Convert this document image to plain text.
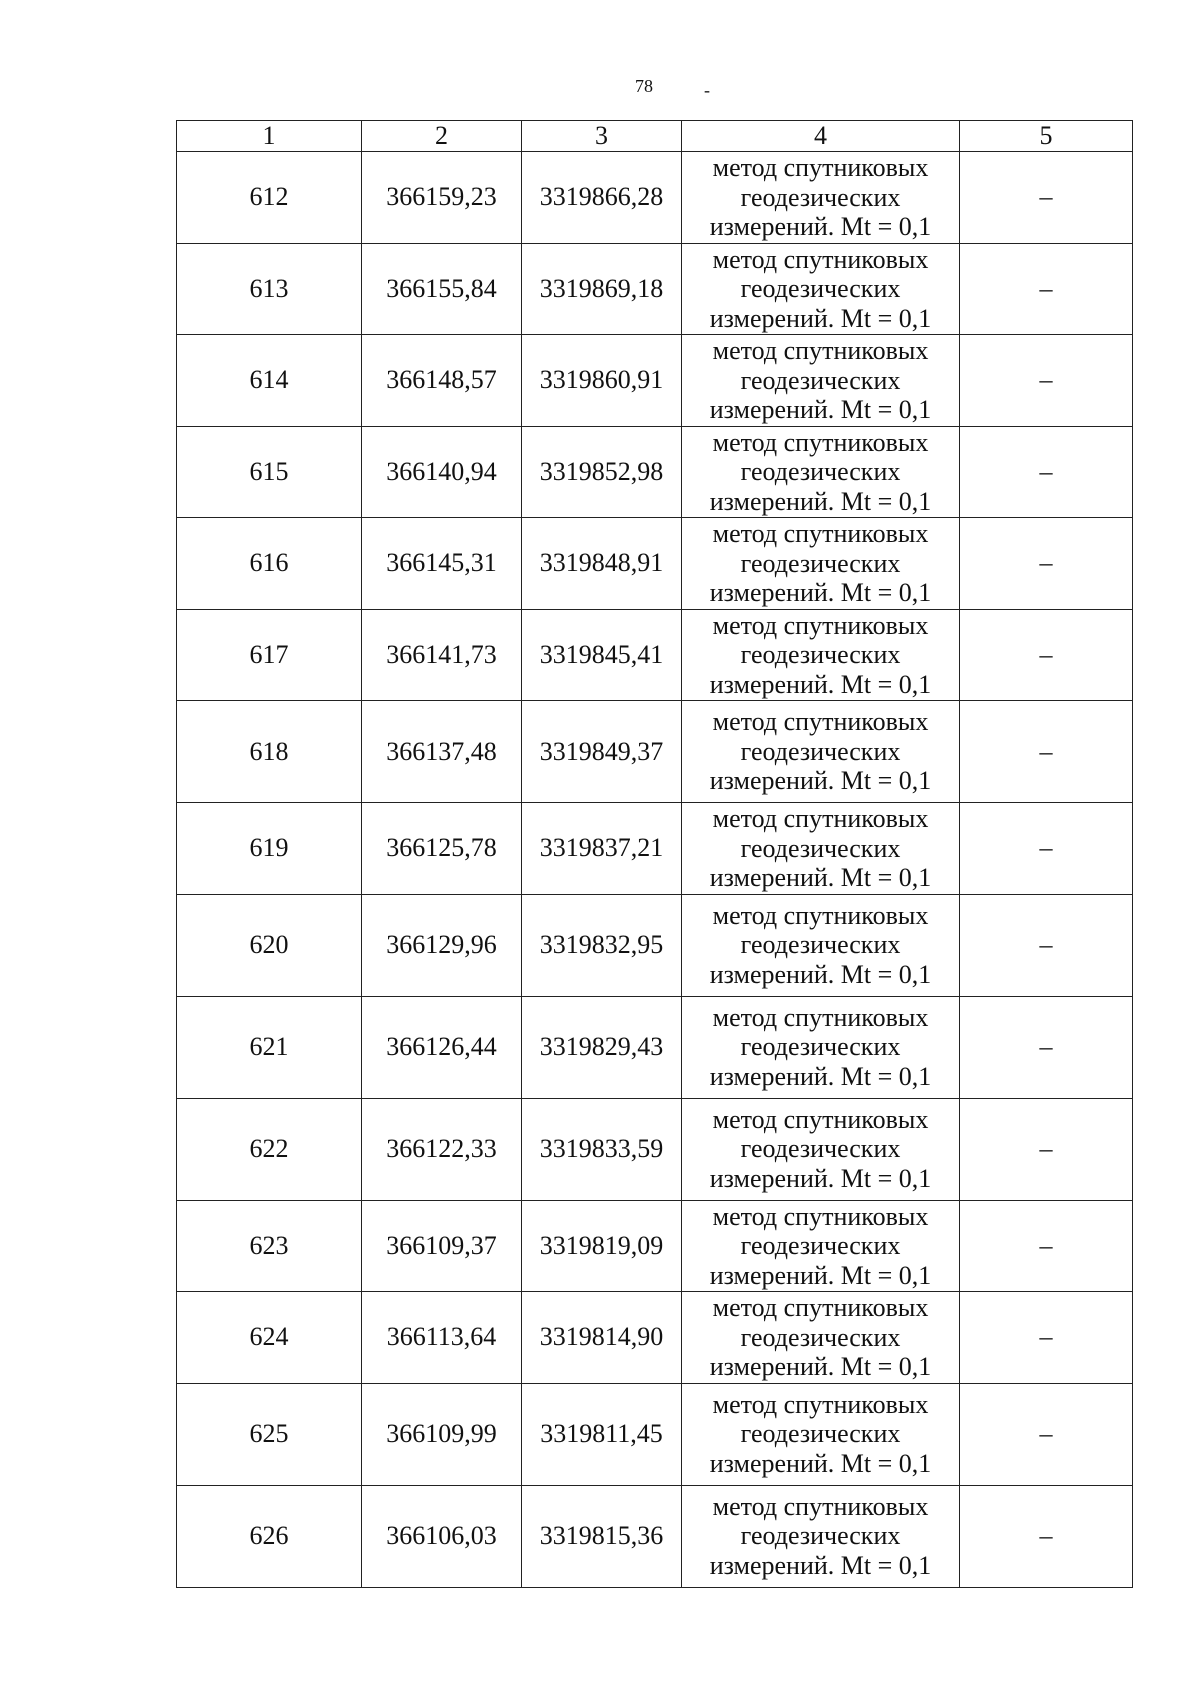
78	-
1	2	3	4	5
612	366159,23	3319866,28	метод спутниковых
геодезических
измерений. Mt = 0,1	–
613	366155,84	3319869,18	метод спутниковых
геодезических
измерений. Mt = 0,1	–
614	366148,57	3319860,91	метод спутниковых
геодезических
измерений. Mt = 0,1	–
615	366140,94	3319852,98	метод спутниковых
геодезических
измерений. Mt = 0,1	–
616	366145,31	3319848,91	метод спутниковых
геодезических
измерений. Mt = 0,1	–
617	366141,73	3319845,41	метод спутниковых
геодезических
измерений. Mt = 0,1	–
618	366137,48	3319849,37	метод спутниковых
геодезических
измерений. Mt = 0,1	–
619	366125,78	3319837,21	метод спутниковых
геодезических
измерений. Mt = 0,1	–
620	366129,96	3319832,95	метод спутниковых
геодезических
измерений. Mt = 0,1	–
621	366126,44	3319829,43	метод спутниковых
геодезических
измерений. Mt = 0,1	–
622	366122,33	3319833,59	метод спутниковых
геодезических
измерений. Mt = 0,1	–
623	366109,37	3319819,09	метод спутниковых
геодезических
измерений. Mt = 0,1	–
624	366113,64	3319814,90	метод спутниковых
геодезических
измерений. Mt = 0,1	–
625	366109,99	3319811,45	метод спутниковых
геодезических
измерений. Mt = 0,1	–
626	366106,03	3319815,36	метод спутниковых
геодезических
измерений. Mt = 0,1	–
